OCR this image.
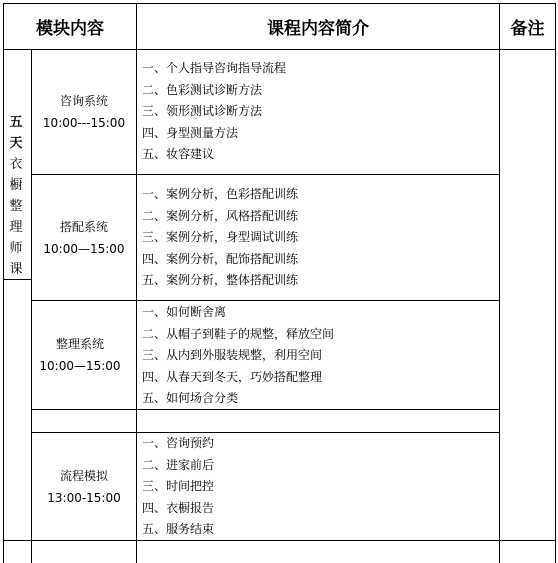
模块内容	课程内容简介	备注
五
天
衣
橱
整
理
师
课
咨询系统
10:00---15:00
一、个人指导咨询指导流程
二、色彩测试诊断方法
三、领形测试诊断方法
四、身型测量方法
五、妆容建议
搭配系统
10:00—15:00
一、案例分析，色彩搭配训练
二、案例分析，风格搭配训练
三、案例分析，身型调试训练
四、案例分析，配饰搭配训练
五、案例分析，整体搭配训练
整理系统
10:00—15:00
一、如何断舍离
二、从帽子到鞋子的规整，释放空间
三、从内到外服装规整，利用空间
四、从春天到冬天，巧妙搭配整理
五、如何场合分类
流程模拟
13:00-15:00
一、咨询预约
二、进家前后
三、时间把控
四、衣橱报告
五、服务结束
